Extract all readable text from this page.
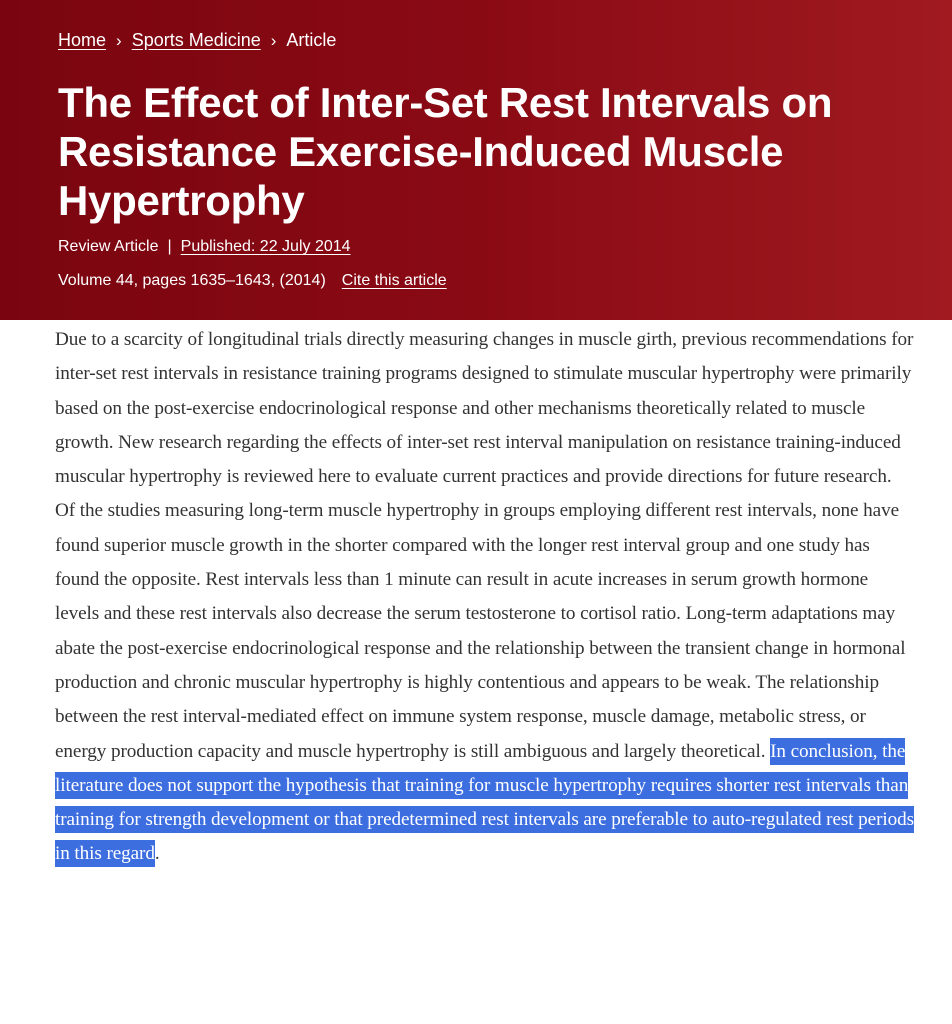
Home › Sports Medicine › Article
The Effect of Inter-Set Rest Intervals on Resistance Exercise-Induced Muscle Hypertrophy
Review Article | Published: 22 July 2014
Volume 44, pages 1635–1643, (2014) Cite this article

Due to a scarcity of longitudinal trials directly measuring changes in muscle girth, previous recommendations for inter-set rest intervals in resistance training programs designed to stimulate muscular hypertrophy were primarily based on the post-exercise endocrinological response and other mechanisms theoretically related to muscle growth. New research regarding the effects of inter-set rest interval manipulation on resistance training-induced muscular hypertrophy is reviewed here to evaluate current practices and provide directions for future research. Of the studies measuring long-term muscle hypertrophy in groups employing different rest intervals, none have found superior muscle growth in the shorter compared with the longer rest interval group and one study has found the opposite. Rest intervals less than 1 minute can result in acute increases in serum growth hormone levels and these rest intervals also decrease the serum testosterone to cortisol ratio. Long-term adaptations may abate the post-exercise endocrinological response and the relationship between the transient change in hormonal production and chronic muscular hypertrophy is highly contentious and appears to be weak. The relationship between the rest interval-mediated effect on immune system response, muscle damage, metabolic stress, or energy production capacity and muscle hypertrophy is still ambiguous and largely theoretical. In conclusion, the literature does not support the hypothesis that training for muscle hypertrophy requires shorter rest intervals than training for strength development or that predetermined rest intervals are preferable to auto-regulated rest periods in this regard.
